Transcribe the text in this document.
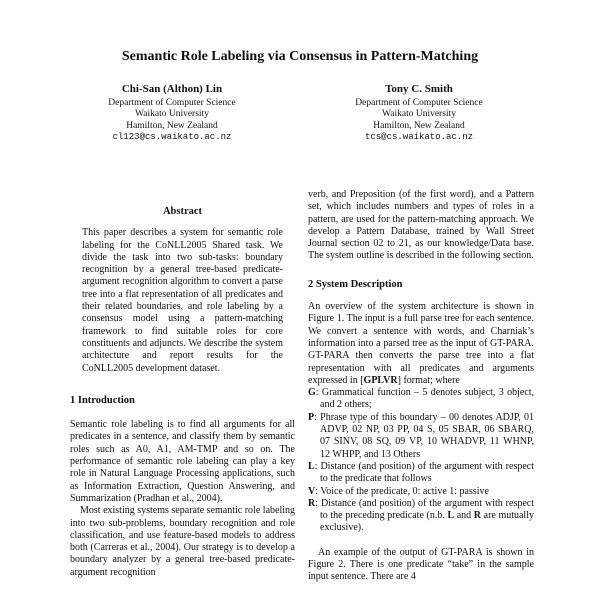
Semantic Role Labeling via Consensus in Pattern-Matching
Chi-San (Althon) Lin
Department of Computer Science
Waikato University
Hamilton, New Zealand
cl123@cs.waikato.ac.nz
Tony C. Smith
Department of Computer Science
Waikato University
Hamilton, New Zealand
tcs@cs.waikato.ac.nz
Abstract

This paper describes a system for semantic role labeling for the CoNLL2005 Shared task. We divide the task into two sub-tasks: boundary recognition by a general tree-based predicate-argument recognition algorithm to convert a parse tree into a flat representation of all predicates and their related boundaries, and role labeling by a consensus model using a pattern-matching framework to find suitable roles for core constituents and adjuncts. We describe the system architecture and report results for the CoNLL2005 development dataset.

1 Introduction

Semantic role labeling is to find all arguments for all predicates in a sentence, and classify them by semantic roles such as A0, A1, AM-TMP and so on. The performance of semantic role labeling can play a key role in Natural Language Processing applications, such as Information Extraction, Question Answering, and Summarization (Pradhan et al., 2004).

Most existing systems separate semantic role labeling into two sub-problems, boundary recognition and role classification, and use feature-based models to address both (Carreras et al., 2004). Our strategy is to develop a boundary analyzer by a general tree-based predicate-argument recognition

verb, and Preposition (of the first word), and a Pattern set, which includes numbers and types of roles in a pattern, are used for the pattern-matching approach. We develop a Pattern Database, trained by Wall Street Journal section 02 to 21, as our knowledge/Data base. The system outline is described in the following section.

2 System Description

An overview of the system architecture is shown in Figure 1. The input is a full parse tree for each sentence. We convert a sentence with words, and Charniak’s information into a parsed tree as the input of GT-PARA. GT-PARA then converts the parse tree into a flat representation with all predicates and arguments expressed in [GPLVR] format; where

G: Grammatical function – 5 denotes subject, 3 object, and 2 others;
P: Phrase type of this boundary – 00 denotes ADJP, 01 ADVP, 02 NP, 03 PP, 04 S, 05 SBAR, 06 SBARQ, 07 SINV, 08 SQ, 09 VP, 10 WHADVP, 11 WHNP, 12 WHPP, and 13 Others
L: Distance (and position) of the argument with respect to the predicate that follows
V: Voice of the predicate, 0: active 1: passive
R: Distance (and position) of the argument with respect to the preceding predicate (n.b. L and R are mutually exclusive).

An example of the output of GT-PARA is shown in Figure 2. There is one predicate “take” in the sample input sentence. There are 4
